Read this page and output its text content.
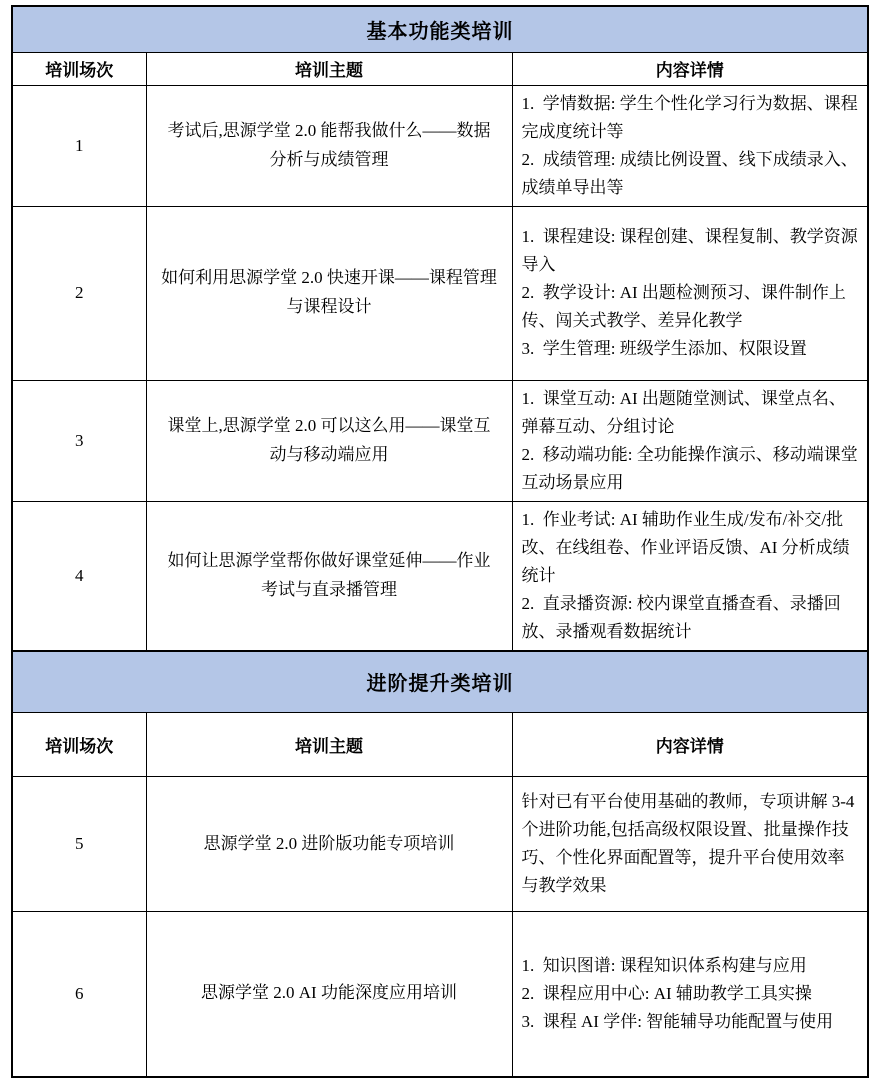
基本功能类培训		
培训场次	培训主题	内容详情
1	考试后,思源学堂 2.0 能帮我做什么——数据分析与成绩管理	1.  学情数据: 学生个性化学习行为数据、课程完成度统计等
2.  成绩管理: 成绩比例设置、线下成绩录入、成绩单导出等

2	如何利用思源学堂 2.0 快速开课——课程管理与课程设计	1.  课程建设: 课程创建、课程复制、教学资源导入
2.  教学设计: AI 出题检测预习、课件制作上传、闯关式教学、差异化教学
3.  学生管理: 班级学生添加、权限设置

3	课堂上,思源学堂 2.0 可以这么用——课堂互动与移动端应用	1.  课堂互动: AI 出题随堂测试、课堂点名、弹幕互动、分组讨论
2.  移动端功能: 全功能操作演示、移动端课堂互动场景应用

4	如何让思源学堂帮你做好课堂延伸——作业考试与直录播管理	1.  作业考试: AI 辅助作业生成/发布/补交/批改、在线组卷、作业评语反馈、AI 分析成绩统计
2.  直录播资源: 校内课堂直播查看、录播回放、录播观看数据统计

进阶提升类培训		
培训场次	培训主题	内容详情
5	思源学堂 2.0 进阶版功能专项培训	针对已有平台使用基础的教师，专项讲解 3-4 个进阶功能,包括高级权限设置、批量操作技巧、个性化界面配置等，提升平台使用效率与教学效果

6	思源学堂 2.0 AI 功能深度应用培训	1.  知识图谱: 课程知识体系构建与应用
2.  课程应用中心: AI 辅助教学工具实操
3.  课程 AI 学伴: 智能辅导功能配置与使用
